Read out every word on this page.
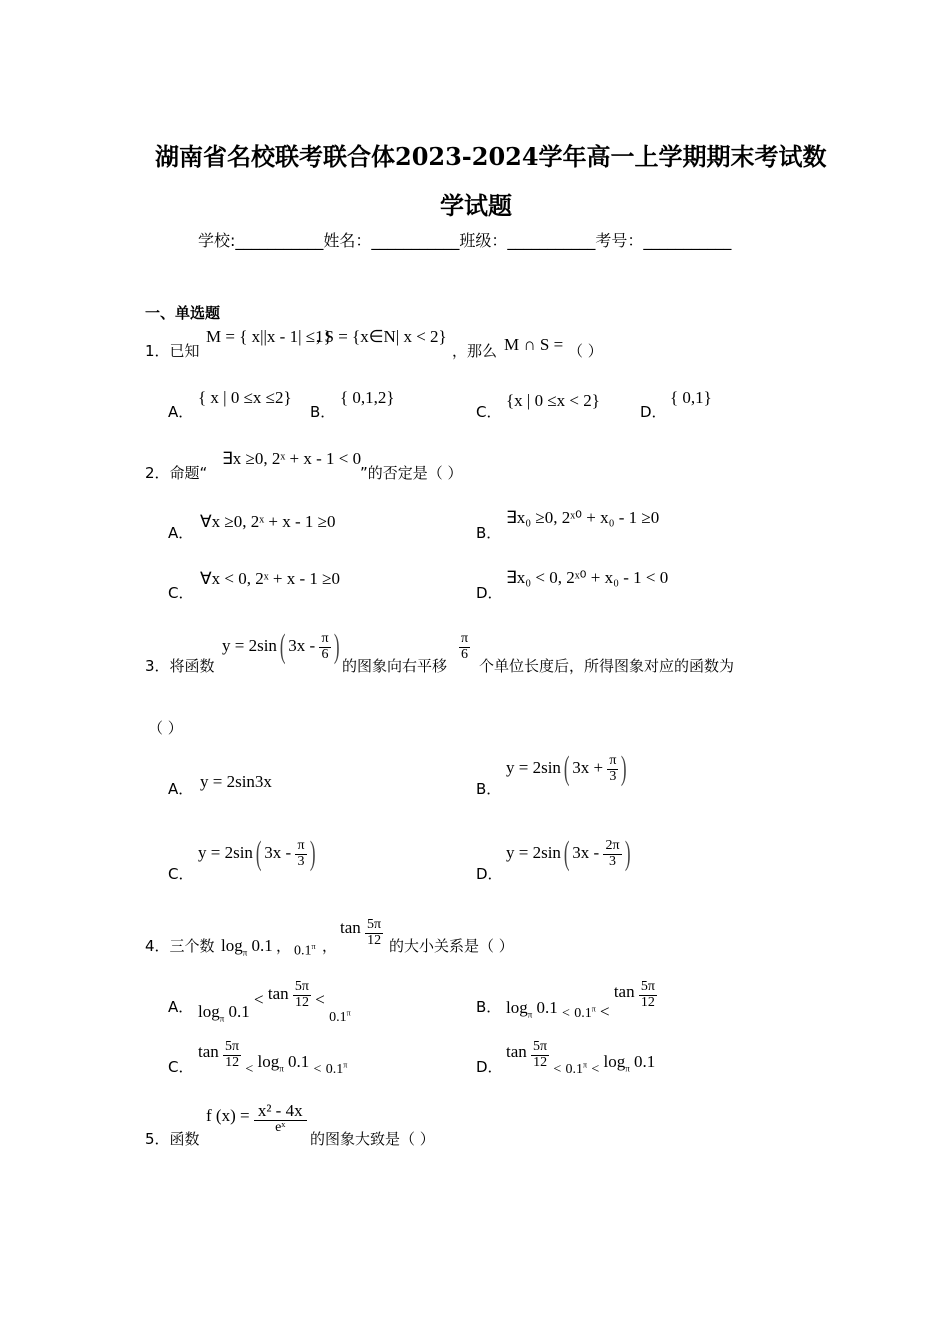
湖南省名校联考联合体2023-2024学年高一上学期期末考试数
学试题
学校:___________姓名：___________班级：___________考号：___________
一、单选题
1．已知
M = { x||x - 1| ≤1}
, S = {x∈N| x < 2}
，那么 M ∩ S = （ ）
A．
{ x | 0 ≤x ≤2}
B．
{ 0,1,2}
C．
{x | 0 ≤x < 2}
D．
{ 0,1}
2．命题“
∃x ≥0, 2ˣ + x - 1 < 0
”的否定是（ ）
A．
∀x ≥0, 2ˣ + x - 1 ≥0
B．
∃x₀ ≥0, 2ˣ⁰ + x₀ - 1 ≥0
C．
∀x < 0, 2ˣ + x - 1 ≥0
D．
∃x₀ < 0, 2ˣ⁰ + x₀ - 1 < 0
3．将函数
y = 2sin( $3x - \frac{\pi}{6}$ )
的图象向右平移
$\frac{\pi}{6}$
个单位长度后，所得图象对应的函数为
（ ）
A． y = 2sin3x	B．
y = 2sin( $3x + \frac{\pi}{3}$ )
C．
y = 2sin( $3x - \frac{\pi}{3}$ )
D．
y = 2sin( $3x - \frac{2\pi}{3}$ )
4．三个数 $\log_\pi 0.1$ ， $0.1^\pi$ ，
$\tan \frac{5\pi}{12}$ 的大小关系是（ ）
A． $\log_\pi 0.1 < \tan \frac{5\pi}{12} < _{0.1^\pi}$	B． $\log_\pi 0.1$ $_<$ $_{0.1^\pi} < \tan \frac{5\pi}{12}$
C．
$\tan \frac{5\pi}{12} _<$ $\log_\pi 0.1$ $_<$ $_{0.1^\pi}$	D．
$\tan \frac{5\pi}{12} _<$ $_{0.1^\pi}$ $_<$ $\log_\pi 0.1$
5．函数
f $(x) = \frac{\text{x² - 4x}}{\text{eˣ}}$
的图象大致是（ ）
